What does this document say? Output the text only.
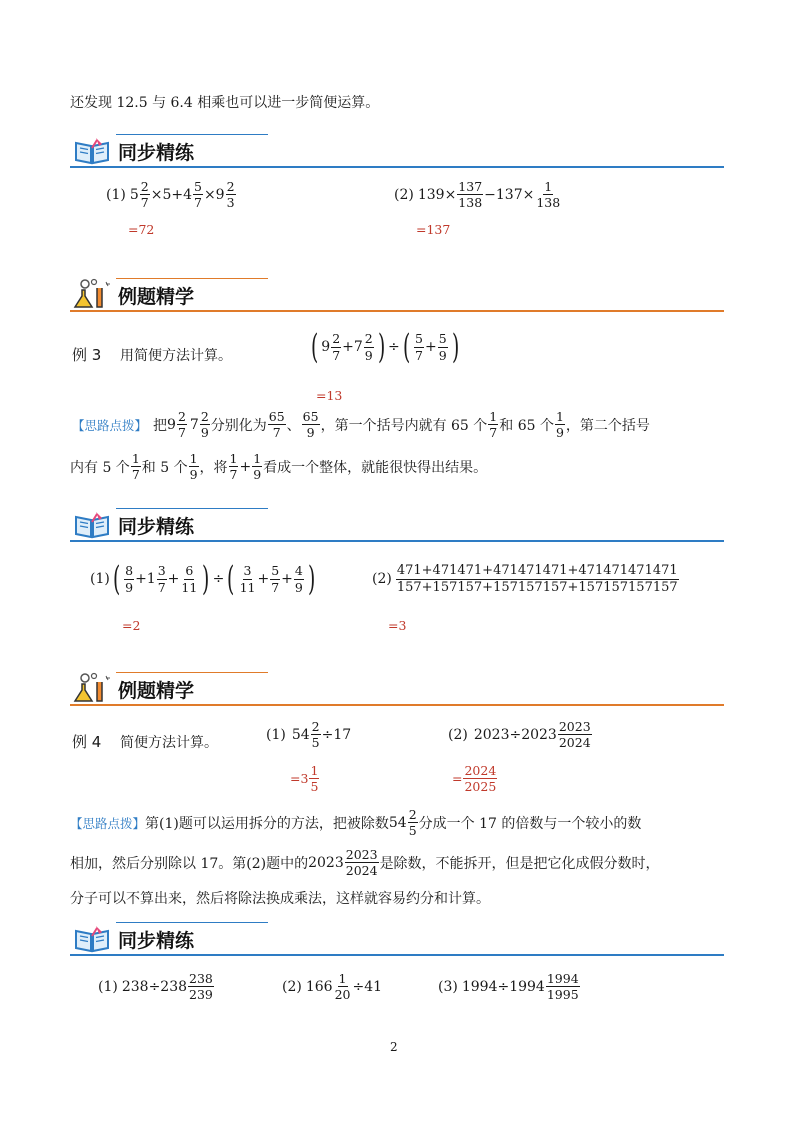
还发现 12.5 与 6.4 相乘也可以进一步简便运算。
同步精练
(1) $5 \frac{2}{7} \times 5+4 \frac{5}{7} \times 9 \frac{2}{3}$
=72
(2) $139\times \frac{137}{138} -137\times \frac{1}{138}$
=137
例题精学
例 3 用简便方法计算。 ( $9 \frac{2}{7} +7 \frac{2}{9}$ ) ÷ ( $\frac{5}{7} + \frac{5}{9}$ )
=13
【思路点拨】 把 $9 \frac{2}{7} 7 \frac{2}{9}$ 分别化为 $\frac{65}{7}$ 、 $\frac{65}{9}$ ，第一个括号内就有 65 个 $\frac{1}{7}$ 和 65 个 $\frac{1}{9}$ ，第二个括号
内有 5 个 $\frac{1}{7}$ 和 5 个 $\frac{1}{9}$ ，将 $\frac{1}{7} + \frac{1}{9}$ 看成一个整体，就能很快得出结果。
同步精练
(1) ( $\frac{8}{9} +1 \frac{3}{7} + \frac{6}{11}$ ) ÷ ( $\frac{3}{11} + \frac{5}{7} + \frac{4}{9}$ )
=2
$(2) \frac{471+471471+471471471+471471471471}{157+157157+157157157+157157157157}$
=3
例题精学
例 4 简便方法计算。
(1) $54 \frac{2}{5} \div 17$
$=3 \frac{1}{5}$
(2) $2023\div 2023 \frac{2023}{2024}$
= $\frac{2024}{2025}$
【思路点拨】 第(1)题可以运用拆分的方法，把被除数 $54 \frac{2}{5}$ 分成一个 17 的倍数与一个较小的数
相加，然后分别除以 17。第(2)题中的 $2023 \frac{2023}{2024}$ 是除数，不能拆开，但是把它化成假分数时，
分子可以不算出来，然后将除法换成乘法，这样就容易约分和计算。
同步精练
(1) $238\div 238 \frac{238}{239}$	(2) $166 \frac{1}{20} \div 41$	(3) $1994\div 1994 \frac{1994}{1995}$
2
